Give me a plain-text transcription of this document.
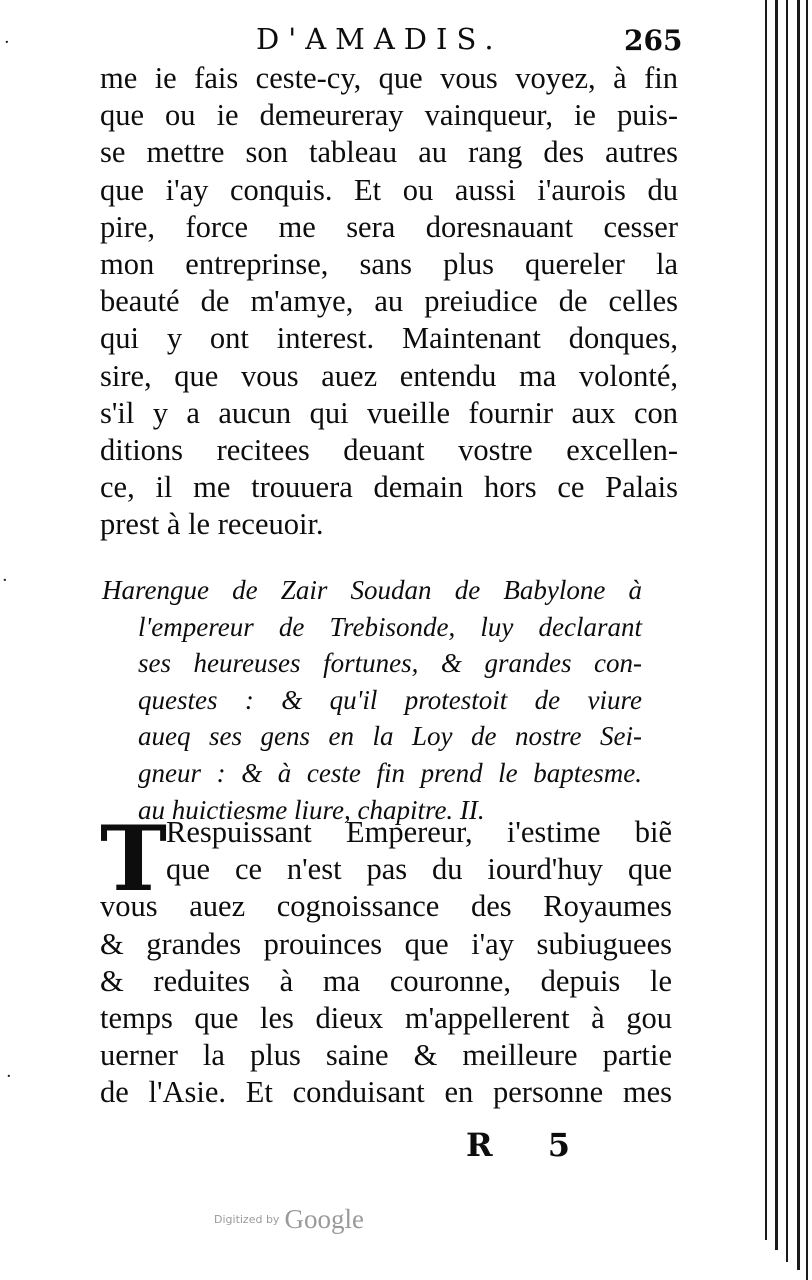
·
·
·
D'AMADIS.	265
me ie fais ceste-cy, que vous voyez, à fin
que ou ie demeureray vainqueur, ie puis-
se mettre son tableau au rang des autres
que i'ay conquis. Et ou aussi i'aurois du
pire, force me sera doresnauant cesser
mon entreprinse, sans plus quereler la
beauté de m'amye, au preiudice de celles
qui y ont interest. Maintenant donques,
sire, que vous auez entendu ma volonté,
s'il y a aucun qui vueille fournir aux con
ditions recitees deuant vostre excellen-
ce, il me trouuera demain hors ce Palais
prest à le receuoir.
Harengue de Zair Soudan de Babylone à
l'empereur de Trebisonde, luy declarant
ses heureuses fortunes, & grandes con-
questes : & qu'il protestoit de viure
aueq ses gens en la Loy de nostre Sei-
gneur : & à ceste fin prend le baptesme.
au huictiesme liure, chapitre. II.
T Respuissant Empereur, i'estime biẽ
que ce n'est pas du iourd'huy que
vous auez cognoissance des Royaumes
& grandes prouinces que i'ay subiuguees
& reduites à ma couronne, depuis le
temps que les dieux m'appellerent à gou
uerner la plus saine & meilleure partie
de l'Asie. Et conduisant en personne mes
R 5
Digitized by Google
